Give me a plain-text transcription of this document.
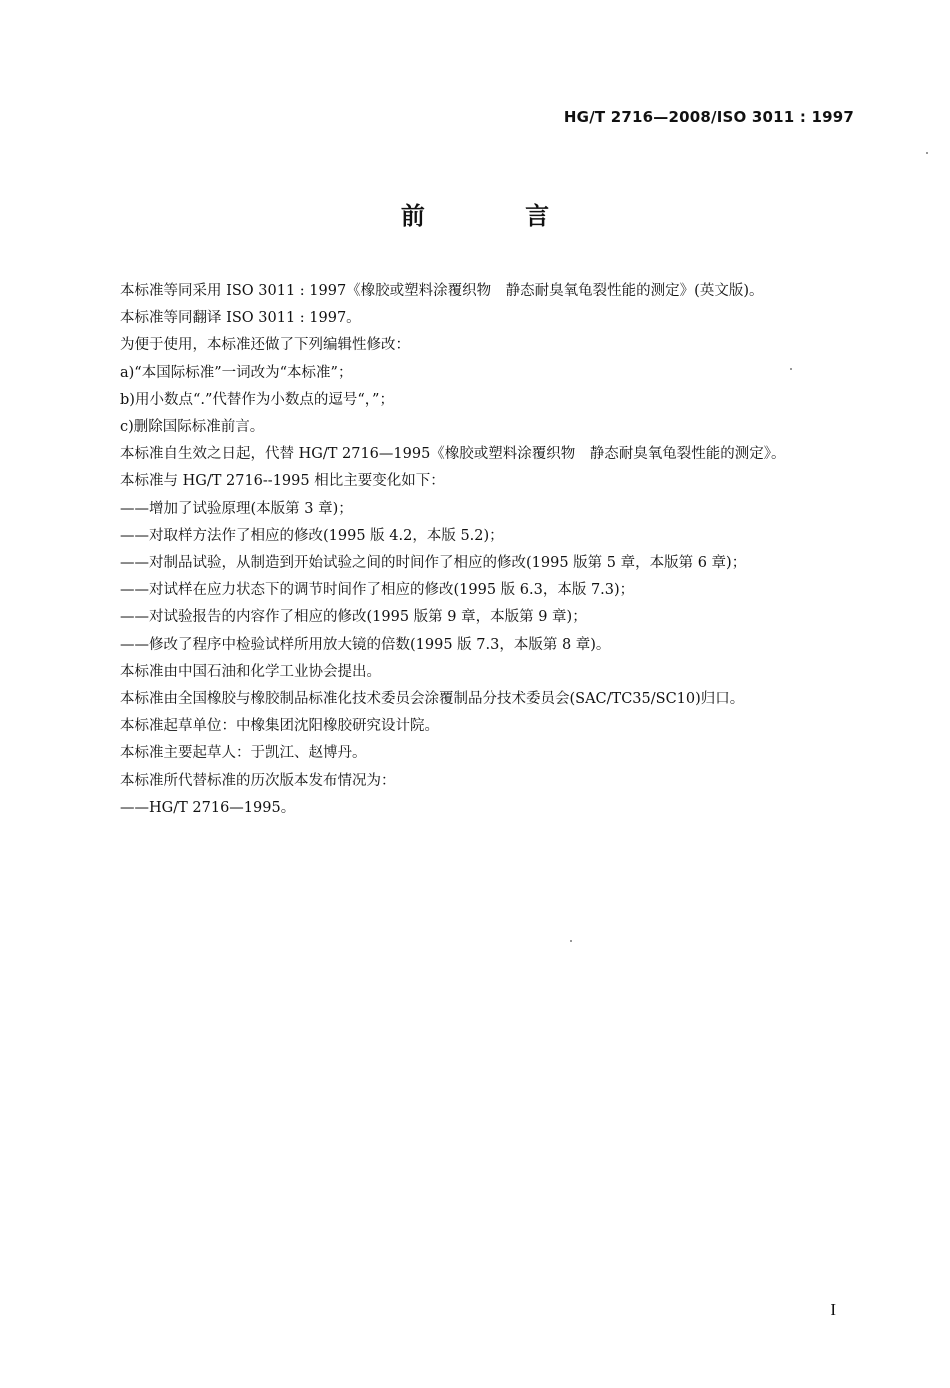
HG/T 2716—2008/ISO 3011 : 1997
前 言

本标准等同采用 ISO 3011 : 1997《橡胶或塑料涂覆织物　静态耐臭氧龟裂性能的测定》(英文版)。

本标准等同翻译 ISO 3011 : 1997。

为便于使用，本标准还做了下列编辑性修改：

a)“本国际标准”一词改为“本标准”；

b)用小数点“.”代替作为小数点的逗号“，”；

c)删除国际标准前言。

本标准自生效之日起，代替 HG/T 2716—1995《橡胶或塑料涂覆织物　静态耐臭氧龟裂性能的测定》。

本标准与 HG/T 2716--1995 相比主要变化如下：

——增加了试验原理(本版第 3 章)；

——对取样方法作了相应的修改(1995 版 4.2，本版 5.2)；

——对制品试验，从制造到开始试验之间的时间作了相应的修改(1995 版第 5 章，本版第 6 章)；

——对试样在应力状态下的调节时间作了相应的修改(1995 版 6.3，本版 7.3)；

——对试验报告的内容作了相应的修改(1995 版第 9 章，本版第 9 章)；

——修改了程序中检验试样所用放大镜的倍数(1995 版 7.3，本版第 8 章)。

本标准由中国石油和化学工业协会提出。

本标准由全国橡胶与橡胶制品标准化技术委员会涂覆制品分技术委员会(SAC/TC35/SC10)归口。

本标准起草单位：中橡集团沈阳橡胶研究设计院。

本标准主要起草人：于凯江、赵博丹。

本标准所代替标准的历次版本发布情况为：

——HG/T 2716—1995。

I
